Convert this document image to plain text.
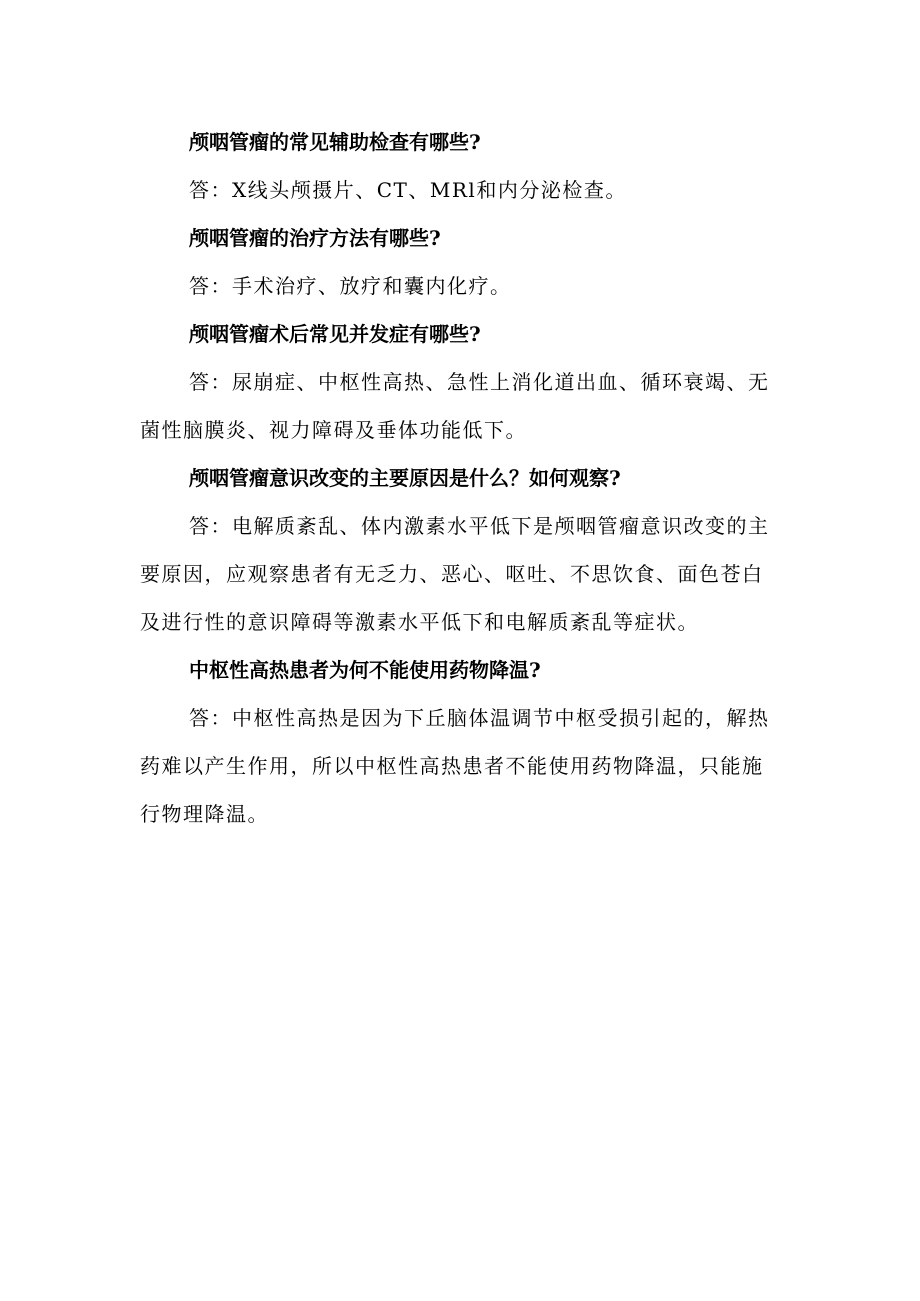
颅咽管瘤的常见辅助检查有哪些?

答：X线头颅摄片、CT、MRl和内分泌检查。

颅咽管瘤的治疗方法有哪些?

答：手术治疗、放疗和囊内化疗。

颅咽管瘤术后常见并发症有哪些?

答：尿崩症、中枢性高热、急性上消化道出血、循环衰竭、无菌性脑膜炎、视力障碍及垂体功能低下。

颅咽管瘤意识改变的主要原因是什么？如何观察?

答：电解质紊乱、体内激素水平低下是颅咽管瘤意识改变的主要原因，应观察患者有无乏力、恶心、呕吐、不思饮食、面色苍白及进行性的意识障碍等激素水平低下和电解质紊乱等症状。

中枢性高热患者为何不能使用药物降温?

答：中枢性高热是因为下丘脑体温调节中枢受损引起的，解热药难以产生作用，所以中枢性高热患者不能使用药物降温，只能施行物理降温。
